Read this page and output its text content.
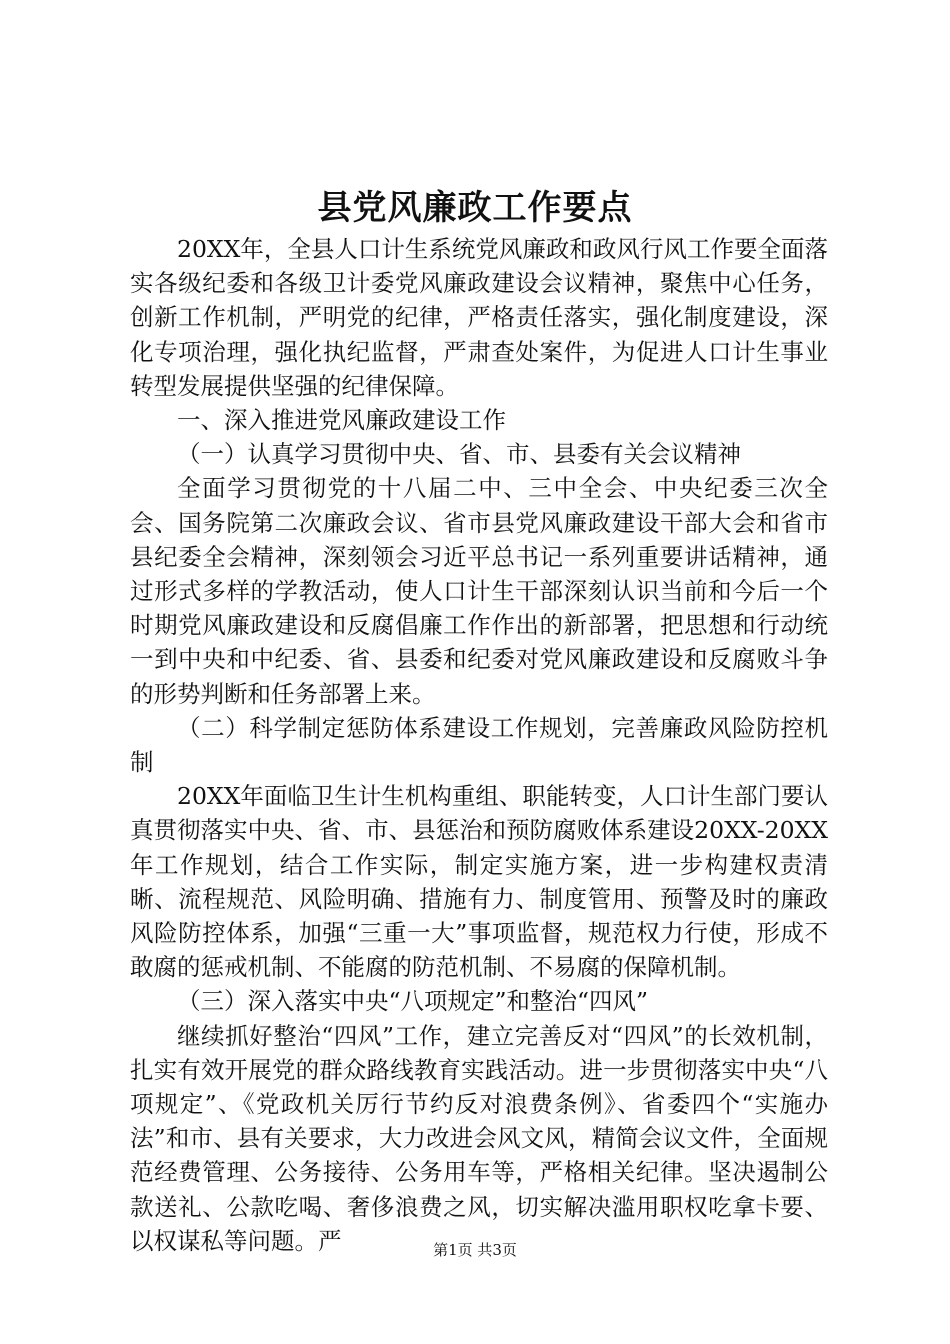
县党风廉政工作要点

20XX年，全县人口计生系统党风廉政和政风行风工作要全面落实各级纪委和各级卫计委党风廉政建设会议精神，聚焦中心任务，创新工作机制，严明党的纪律，严格责任落实，强化制度建设，深化专项治理，强化执纪监督，严肃查处案件，为促进人口计生事业转型发展提供坚强的纪律保障。

一、深入推进党风廉政建设工作

（一）认真学习贯彻中央、省、市、县委有关会议精神

全面学习贯彻党的十八届二中、三中全会、中央纪委三次全会、国务院第二次廉政会议、省市县党风廉政建设干部大会和省市县纪委全会精神，深刻领会习近平总书记一系列重要讲话精神，通过形式多样的学教活动，使人口计生干部深刻认识当前和今后一个时期党风廉政建设和反腐倡廉工作作出的新部署，把思想和行动统一到中央和中纪委、省、县委和纪委对党风廉政建设和反腐败斗争的形势判断和任务部署上来。

（二）科学制定惩防体系建设工作规划，完善廉政风险防控机制

20XX年面临卫生计生机构重组、职能转变，人口计生部门要认真贯彻落实中央、省、市、县惩治和预防腐败体系建设20XX-20XX年工作规划，结合工作实际，制定实施方案，进一步构建权责清晰、流程规范、风险明确、措施有力、制度管用、预警及时的廉政风险防控体系，加强“三重一大”事项监督，规范权力行使，形成不敢腐的惩戒机制、不能腐的防范机制、不易腐的保障机制。

（三）深入落实中央“八项规定”和整治“四风”

继续抓好整治“四风”工作，建立完善反对“四风”的长效机制，扎实有效开展党的群众路线教育实践活动。进一步贯彻落实中央“八项规定”、《党政机关厉行节约反对浪费条例》、省委四个“实施办法”和市、县有关要求，大力改进会风文风，精简会议文件，全面规范经费管理、公务接待、公务用车等，严格相关纪律。坚决遏制公款送礼、公款吃喝、奢侈浪费之风，切实解决滥用职权吃拿卡要、以权谋私等问题。严	第1页 共3页
